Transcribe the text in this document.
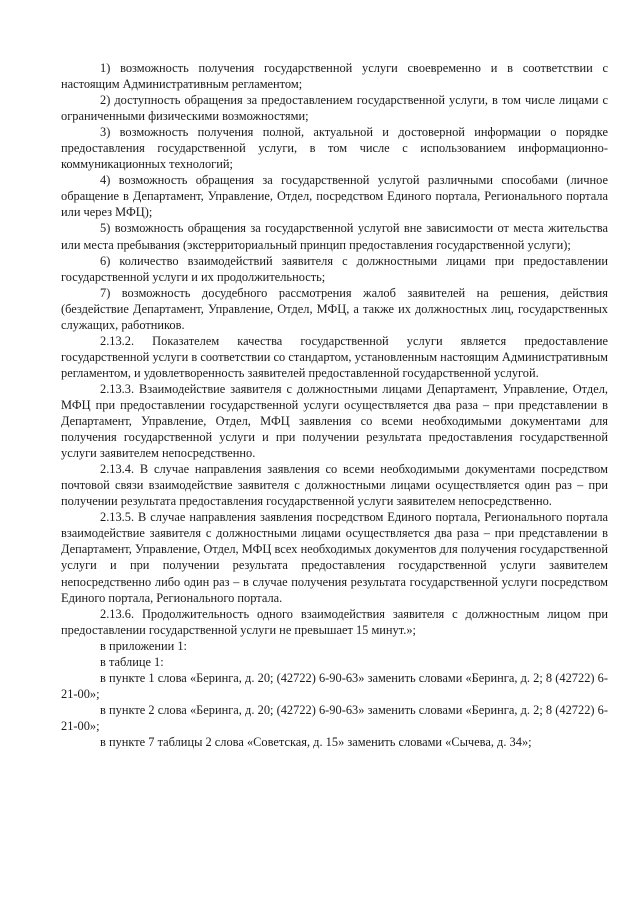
1) возможность получения государственной услуги своевременно и в соответствии с настоящим Административным регламентом;

2) доступность обращения за предоставлением государственной услуги, в том числе лицами с ограниченными физическими возможностями;

3) возможность получения полной, актуальной и достоверной информации о порядке предоставления государственной услуги, в том числе с использованием информационно-коммуникационных технологий;

4) возможность обращения за государственной услугой различными способами (личное обращение в Департамент, Управление, Отдел, посредством Единого портала, Регионального портала или через МФЦ);

5) возможность обращения за государственной услугой вне зависимости от места жительства или места пребывания (экстерриториальный принцип предоставления государственной услуги);

6) количество взаимодействий заявителя с должностными лицами при предоставлении государственной услуги и их продолжительность;

7) возможность досудебного рассмотрения жалоб заявителей на решения, действия (бездействие Департамент, Управление, Отдел, МФЦ, а также их должностных лиц, государственных служащих, работников.

2.13.2. Показателем качества государственной услуги является предоставление государственной услуги в соответствии со стандартом, установленным настоящим Административным регламентом, и удовлетворенность заявителей предоставленной государственной услугой.

2.13.3. Взаимодействие заявителя с должностными лицами Департамент, Управление, Отдел, МФЦ при предоставлении государственной услуги осуществляется два раза – при представлении в Департамент, Управление, Отдел, МФЦ заявления со всеми необходимыми документами для получения государственной услуги и при получении результата предоставления государственной услуги заявителем непосредственно.

2.13.4. В случае направления заявления со всеми необходимыми документами посредством почтовой связи взаимодействие заявителя с должностными лицами осуществляется один раз – при получении результата предоставления государственной услуги заявителем непосредственно.

2.13.5. В случае направления заявления посредством Единого портала, Регионального портала взаимодействие заявителя с должностными лицами осуществляется два раза – при представлении в Департамент, Управление, Отдел, МФЦ всех необходимых документов для получения государственной услуги и при получении результата предоставления государственной услуги заявителем непосредственно либо один раз – в случае получения результата государственной услуги посредством Единого портала, Регионального портала.

2.13.6. Продолжительность одного взаимодействия заявителя с должностным лицом при предоставлении государственной услуги не превышает 15 минут.»;

в приложении 1:

в таблице 1:

в пункте 1 слова «Беринга, д. 20; (42722) 6-90-63» заменить словами «Беринга, д. 2; 8 (42722) 6-21-00»;

в пункте 2 слова «Беринга, д. 20; (42722) 6-90-63» заменить словами «Беринга, д. 2; 8 (42722) 6-21-00»;

в пункте 7 таблицы 2 слова «Советская, д. 15» заменить словами «Сычева, д. 34»;
